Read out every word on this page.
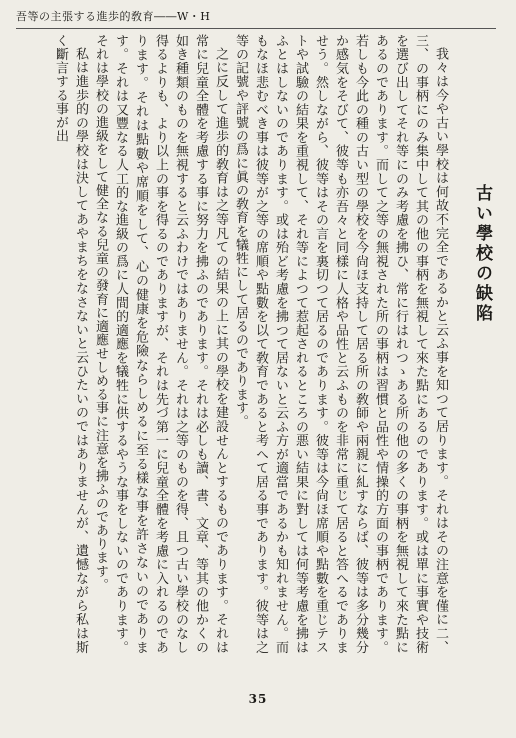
吾等の主張する進歩的敎育――W・H
古い學校の缺陷

我々は今や古い學校は何故不完全であるかと云ふ事を知つて居ります。それはその注意を僅に二、三、の事柄にのみ集中して其の他の事柄を無視して來た點にあるのであります。或は單に事實や技術を選び出してそれ等にのみ考慮を拂ひ、常に行はれつゝある所の他の多くの事柄を無視して來た點にあるのであります。而して之等の無視された所の事柄は習慣と品性や情操的方面の事柄であります。若しも今此の種の古い型の學校を今尙ほ支持して居る所の敎師や兩親に糺すならば、彼等は多分幾分か感気をそびて、彼等も亦吾々と同樣に人格や品性と云ふものを非常に重じて居ると答へるでありませう。然しながら、彼等はその言を裏切つて居るのであります。彼等は今尙ほ席順や點數を重じテストや試驗の結果を重視して、それ等によつて惹起されるところの悪い結果に對しては何等考慮を拂はふとはしないのであります。或は殆ど考慮を拂つて居ないと云ふ方が適當であるかも知れません。而もなほ悲むべき事は彼等が之等の席順や點數を以て敎育であると考へて居る事であります。彼等は之等の記號や評號の爲に眞の敎育を犠牲にして居るのであります。

之に反して進歩的敎育は之等凡ての結果の上に其の學校を建設せんとするものであります。それは常に兒童全體を考慮する事に努力を拂ふのであります。それは必しも讀、書、文章、等其の他かくの如き種類のものを無視すると云ふわけではありません。それは之等のものを得、且つ古い學校のなし得るよりも、より以上の事を得るのでありますが、それは先づ第一に兒童全體を考慮に入れるのであります。それは點數や席順をして、心の健康を危險ならしめるに至る樣な事を許さないのであります。それは又豐なる人工的な進級の爲に人間的適應を犠牲に供するやうな事をしないのであります。それは學校の進級をして健全なる兒童の發育に適應せしめる事に注意を拂ふのであります。

私は進歩的の學校は決してあやまちをなさないと云ひたいのではありませんが、遺憾ながら私は斯く斷言する事が出

35
